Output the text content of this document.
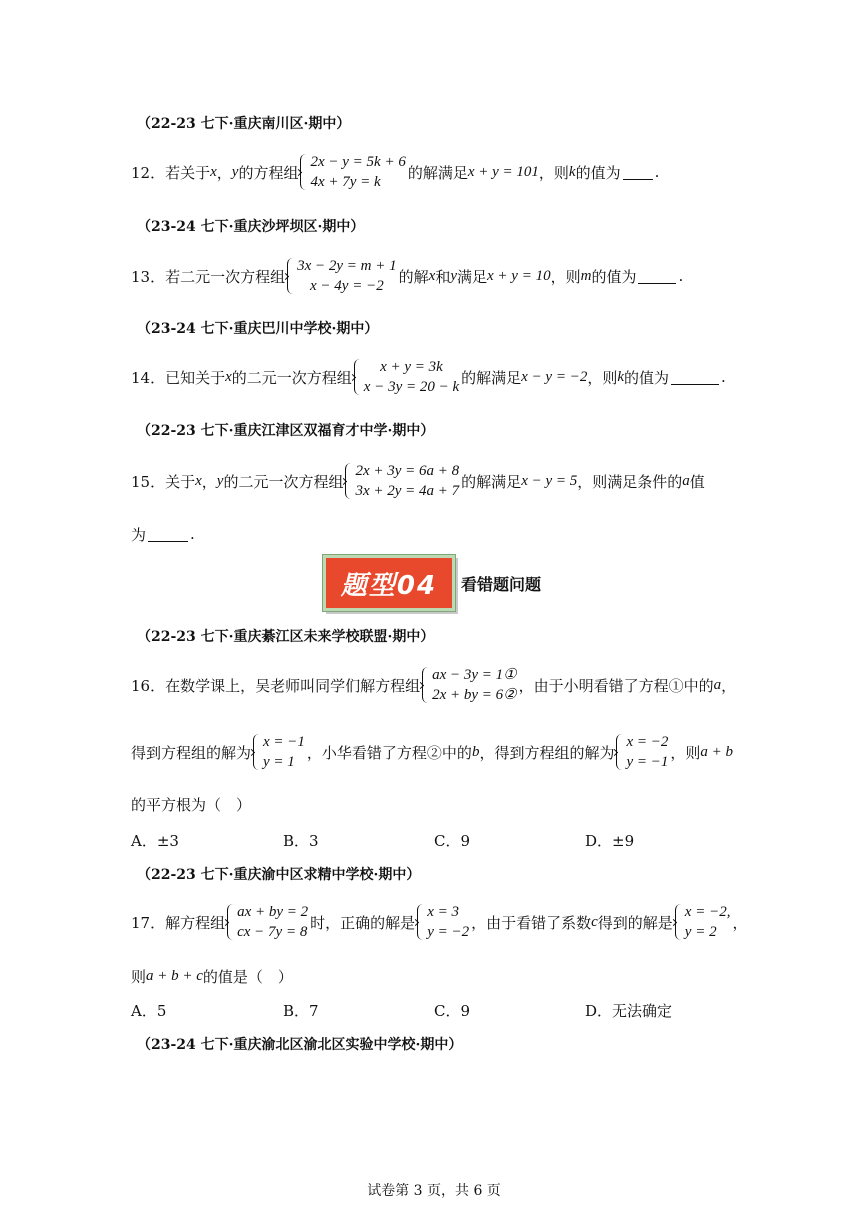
（22-23 七下·重庆南川区·期中）
12． 若关于 x ， y 的方程组
2x − y = 5k + 6
4x + 7y = k
的解满足 x + y = 101 ，则 k 的值为 .
（23-24 七下·重庆沙坪坝区·期中）
13． 若二元一次方程组
3x − 2y = m + 1
x − 4y = −2
的解 x 和 y 满足 x + y = 10 ，则 m 的值为	.
（23-24 七下·重庆巴川中学校·期中）
14． 已知关于 x 的二元一次方程组
x + y = 3k
x − 3y = 20 − k
的解满足 x − y = −2 ，则 k 的值为	.
（22-23 七下·重庆江津区双福育才中学·期中）
15． 关于 x ， y 的二元一次方程组
2x + 3y = 6a + 8
3x + 2y = 4a + 7
的解满足 x − y = 5 ，则满足条件的 a 值
为	.
题型04	看错题问题
（22-23 七下·重庆綦江区未来学校联盟·期中）
16． 在数学课上，吴老师叫同学们解方程组
ax − 3y = 1①
2x + by = 6②
，由于小明看错了方程①中的 a ，
得到方程组的解为
x = −1
y = 1
，小华看错了方程②中的 b ，得到方程组的解为
x = −2
y = −1
，则 a + b
的平方根为（　）
A．±3	B．3	C．9	D．±9
（22-23 七下·重庆渝中区求精中学校·期中）
17． 解方程组
ax + by = 2
cx − 7y = 8
时，正确的解是
x = 3
y = −2
，由于看错了系数 c 得到的解是
x = −2,
y = 2
，
则 a + b + c 的值是（　）
A．5	B．7	C．9	D．无法确定
（23-24 七下·重庆渝北区渝北区实验中学校·期中）
试卷第 3 页，共 6 页
